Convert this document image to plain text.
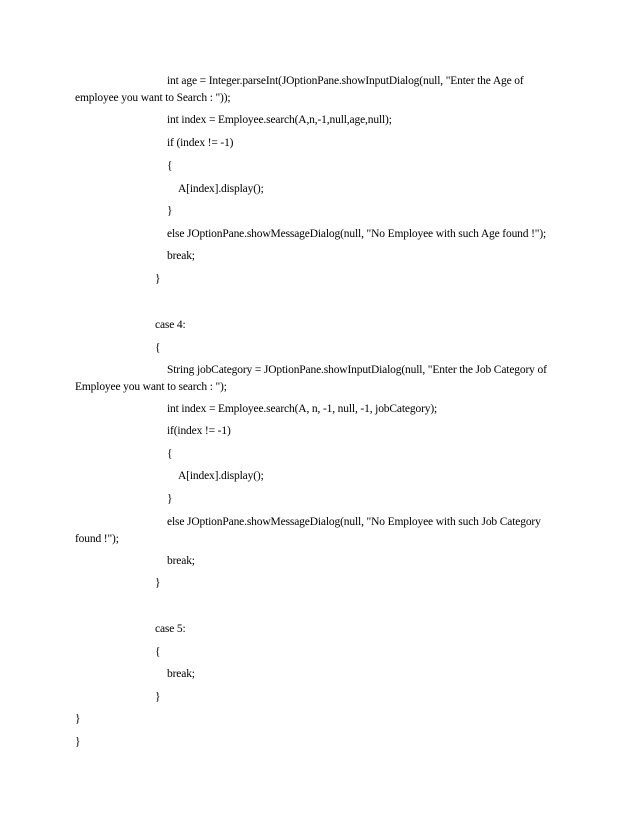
int age = Integer.parseInt(JOptionPane.showInputDialog(null, "Enter the Age of
employee you want to Search : "));
int index = Employee.search(A,n,-1,null,age,null);
if (index != -1)
{
A[index].display();
}
else JOptionPane.showMessageDialog(null, "No Employee with such Age found !");
break;
}
case 4:
{
String jobCategory = JOptionPane.showInputDialog(null, "Enter the Job Category of
Employee you want to search : ");
int index = Employee.search(A, n, -1, null, -1, jobCategory);
if(index != -1)
{
A[index].display();
}
else JOptionPane.showMessageDialog(null, "No Employee with such Job Category
found !");
break;
}
case 5:
{
break;
}
}
}
